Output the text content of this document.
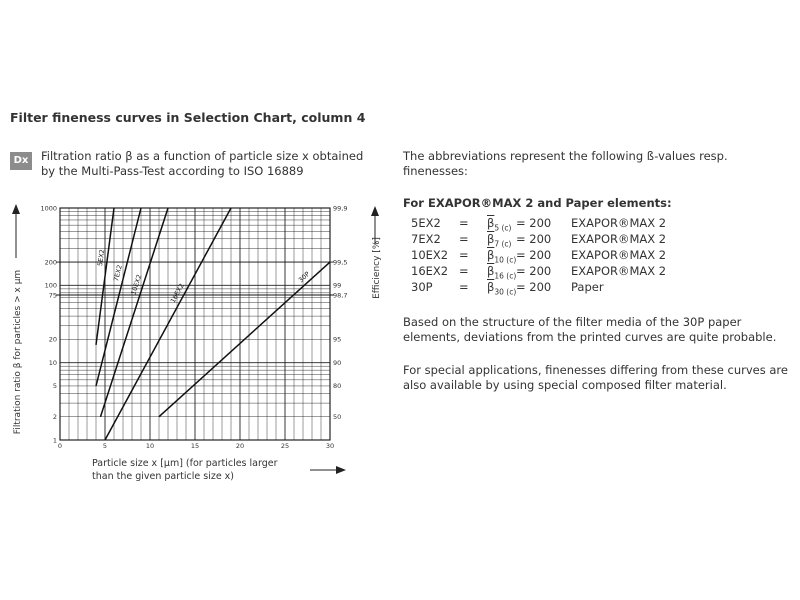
Filter fineness curves in Selection Chart, column 4
Dx	Filtration ratio β as a function of particle size x obtained by the Multi-Pass-Test according to ISO 16889

0	5	10	15	20	25	30
1
2
5
10
20
75
100
200
1000
50
80
90
95
98,7
99
99,5
99,9
5EX2
7EX2
10EX2	16EX2
30P
Filtration ratio β for particles > x µm
Efficiency [%]
Particle size x [µm] (for particles larger than the given particle size x)

The abbreviations represent the following ß-values resp. finenesses:

For EXAPOR®MAX 2 and Paper elements:
$5EX2 = \overline{\beta}_{5 (c)} = 200$ EXAPOR®MAX 2
$7EX2 = \overline{\beta}_{7 (c)} = 200$ EXAPOR®MAX 2
$10EX2 = \overline{\beta}_{10 (c)} = 200$ EXAPOR®MAX 2
$16EX2 = \overline{\beta}_{16 (c)} = 200$ EXAPOR®MAX 2
$30P = \overline{\beta}_{30 (c)} = 200$ Paper

Based on the structure of the filter media of the 30P paper elements, deviations from the printed curves are quite probable.

For special applications, finenesses differing from these curves are also available by using special composed filter material.
